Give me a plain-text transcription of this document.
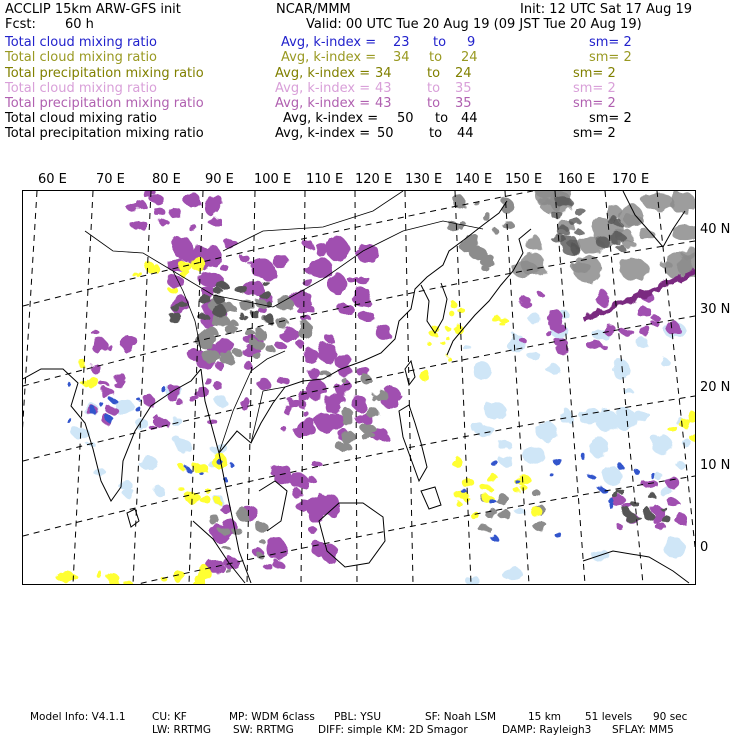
ACCLIP 15km ARW-GFS init	NCAR/MMM	Init: 12 UTC Sat 17 Aug 19
Fcst: 60 h	Valid: 00 UTC Tue 20 Aug 19 (09 JST Tue 20 Aug 19)
Total cloud mixing ratio	Avg, k-index = 23 to 9	sm= 2
Total cloud mixing ratio	Avg, k-index = 34 to 24	sm= 2
Total precipitation mixing ratio	Avg, k-index = 34	to 24	sm= 2
Total cloud mixing ratio	Avg, k-index = 43	to 35	sm= 2
Total precipitation mixing ratio	Avg, k-index = 43	to 35	sm= 2
Total cloud mixing ratio	Avg, k-index = 50 to 44	sm= 2
Total precipitation mixing ratio	Avg, k-index = 50	to 44	sm= 2
60 E 70 E 80 E 90 E 100 E 110 E 120 E 130 E 140 E 150 E 160 E 170 E
40 N
30 N
20 N
10 N
0
Model Info: V4.1.1	CU: KF	MP: WDM 6class PBL: YSU	SF: Noah LSM	15 km 51 levels 90 sec
LW: RRTMG SW: RRTMG DIFF: simple KM: 2D Smagor	DAMP: Rayleigh3 SFLAY: MM5
